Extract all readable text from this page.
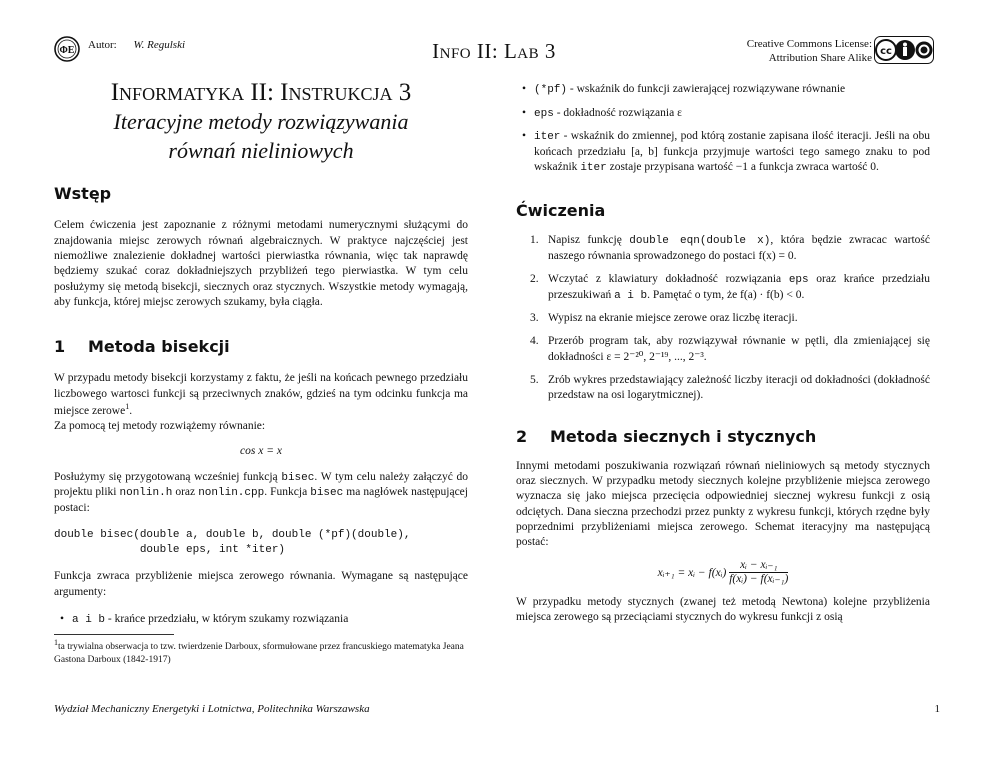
ΦE Autor: W. Regulski	Info II: Lab 3	Creative Commons License:
Attribution Share Alike
cc
Informatyka II: Instrukcja 3
Iteracyjne metody rozwiązywania
równań nieliniowych
Wstęp

Celem ćwiczenia jest zapoznanie z różnymi metodami numerycznymi służącymi do znajdowania miejsc zerowych równań algebraicznych. W praktyce najczęściej jest niemożliwe znalezienie dokładnej wartości pierwiastka równania, więc tak naprawdę będziemy szukać coraz dokładniejszych przybliżeń tego pierwiastka. W tym celu posłużymy się metodą bisekcji, siecznych oraz stycznych. Wszystkie metody wymagają, aby funkcja, której miejsc zerowych szukamy, była ciągła.

1 Metoda bisekcji

W przypadu metody bisekcji korzystamy z faktu, że jeśli na końcach pewnego przedziału liczbowego wartosci funkcji są przeciwnych znaków, gdzieś na tym odcinku funkcja ma miejsce zerowe$^1$.

Za pomocą tej metody rozwiążemy równanie:

cos x = x

Posłużymy się przygotowaną wcześniej funkcją bisec. W tym celu należy załączyć do projektu pliki nonlin.h oraz nonlin.cpp. Funkcja bisec ma nagłówek następującej postaci:

double bisec(double a, double b, double (*pf)(double),
double eps, int *iter)

Funkcja zwraca przybliżenie miejsca zerowego równania. Wymagane są następujące argumenty:

• a i b - krańce przedziału, w którym szukamy rozwiązania
$^1$ta trywialna obserwacja to tzw. twierdzenie Darboux, sformułowane przez francuskiego matematyka Jeana Gastona Darboux (1842-1917)
• (*pf) - wskaźnik do funkcji zawierającej rozwiązywane równanie
• eps - dokładność rozwiązania ε
• iter - wskaźnik do zmiennej, pod którą zostanie zapisana ilość iteracji. Jeśli na obu końcach przedziału [a, b] funkcja przyjmuje wartości tego samego znaku to pod wskaźnik iter zostaje przypisana wartość −1 a funkcja zwraca wartość 0.
Ćwiczenia
1. Napisz funkcję double eqn(double x), która będzie zwracac wartość naszego równania sprowadzonego do postaci f(x) = 0.
2. Wczytać z klawiatury dokładność rozwiązania eps oraz krańce przedziału przeszukiwań a i b. Pamętać o tym, że f(a) · f(b) < 0.
3. Wypisz na ekranie miejsce zerowe oraz liczbę iteracji.
4. Przerób program tak, aby rozwiązywał równanie w pętli, dla zmieniającej się dokładności ε = 2⁻²⁰, 2⁻¹⁹, ..., 2⁻³.
5. Zrób wykres przedstawiający zależność liczby iteracji od dokładności (dokładność przedstaw na osi logarytmicznej).
2 Metoda siecznych i stycznych

Innymi metodami poszukiwania rozwiązań równań nieliniowych są metody stycznych oraz siecznych. W przypadku metody siecznych kolejne przybliżenie miejsca zerowego wyznacza się jako miejsca przecięcia odpowiedniej siecznej wykresu funkcji z osią odciętych. Dana sieczna przechodzi przez punkty z wykresu funkcji, których rzędne były poprzednimi przybliżeniami miejsca zerowego. Schemat iteracyjny ma następującą postać:

xᵢ₊₁ = xᵢ − f(xᵢ) $\frac{\text{xᵢ − xᵢ₋₁}}{\text{f(xᵢ) − f(xᵢ₋₁)}}$

W przypadku metody stycznych (zwanej też metodą Newtona) kolejne przybliżenia miejsca zerowego są przeciąciami stycznych do wykresu funkcji z osią

Wydział Mechaniczny Energetyki i Lotnictwa, Politechnika Warszawska	1
